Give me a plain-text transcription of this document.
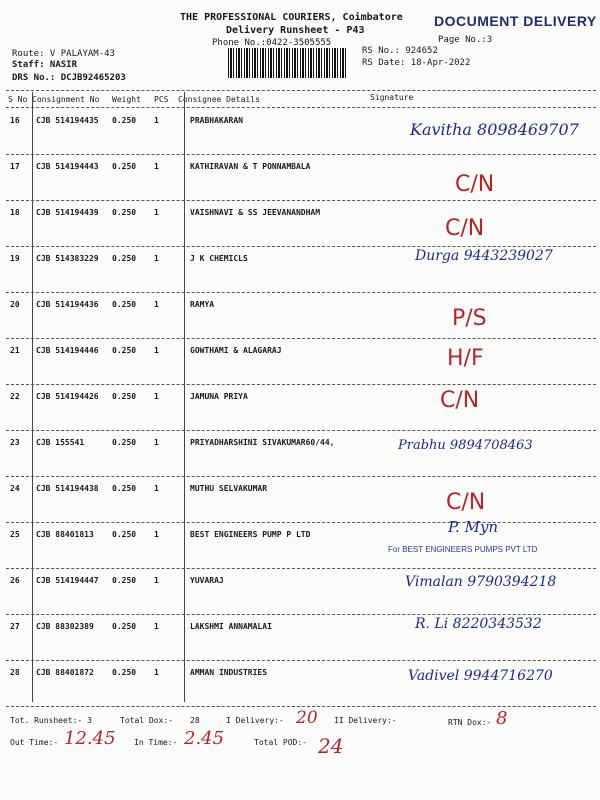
THE PROFESSIONAL COURIERS, Coimbatore DOCUMENT DELIVERY
Delivery Runsheet - P43
Phone No.:0422-3505555	Page No.:3
Route: V PALAYAM-43
Staff: NASIR
DRS No.: DCJB92465203
RS No.: 924652
RS Date: 18-Apr-2022
S No Consignment No Weight PCS Consignee Details	Signature
16 CJB 514194435 0.250 1	PRABHAKARAN	Kavitha 8098469707
17 CJB 514194443 0.250 1	KATHIRAVAN & T PONNAMBALA
C/N
18 CJB 514194439 0.250 1	VAISHNAVI & SS JEEVANANDHAM
C/N
19 CJB 514383229 0.250 1	J K CHEMICLS	Durga 9443239027
20 CJB 514194436 0.250 1	RAMYA
P/S
21 CJB 514194446 0.250 1	GOWTHAMI & ALAGARAJ	H/F
22 CJB 514194426 0.250 1	JAMUNA PRIYA	C/N
23 CJB 155541	0.250 1	PRIYADHARSHINI SIVAKUMAR60/44,	Prabhu 9894708463
24 CJB 514194438 0.250 1	MUTHU SELVAKUMAR
C/N
25 CJB 88401813 0.250 1	BEST ENGINEERS PUMP P LTD	P. Myn
26 CJB 514194447 0.250 1	YUVARAJ	Vimalan 9790394218
27 CJB 88302389 0.250 1	LAKSHMI ANNAMALAI	R. Li 8220343532
28 CJB 88401872 0.250 1	AMMAN INDUSTRIES	Vadivel 9944716270
For BEST ENGINEERS PUMPS PVT LTD
Tot. Runsheet:- 3	Total Dox:- 28	I Delivery:- 20 II Delivery:-	RTN Dox:- 8
Out Time:- 12.45 In Time:- 2.45	Total POD:- 24
